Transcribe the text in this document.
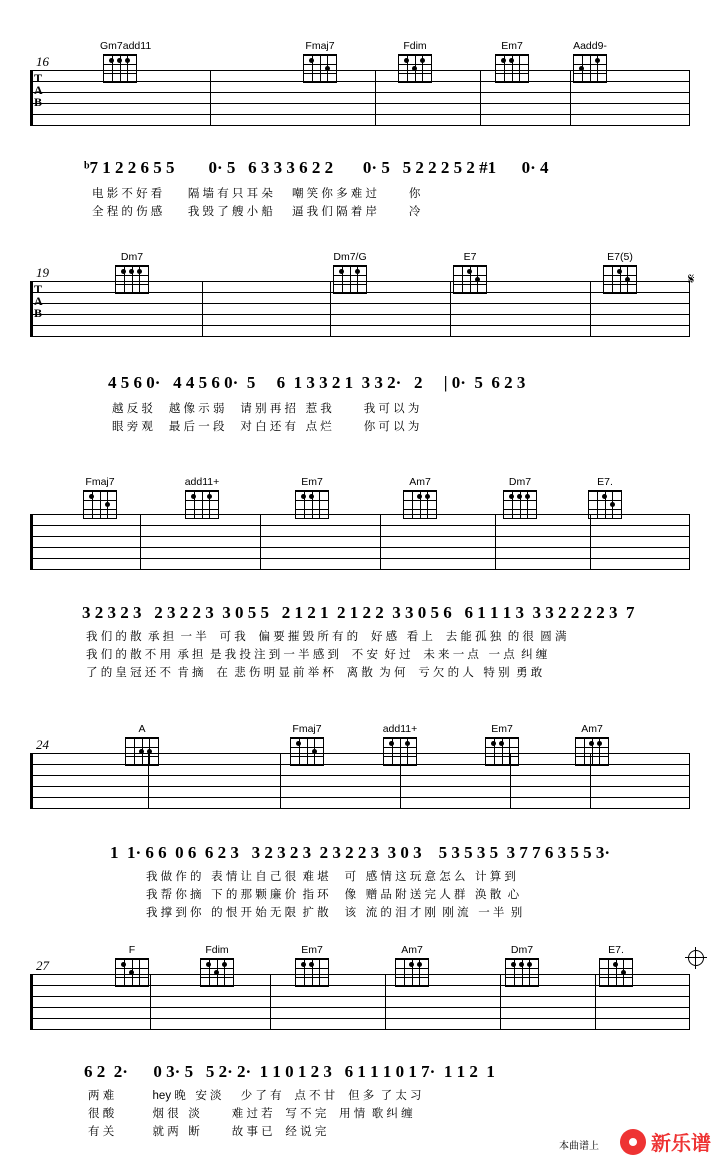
16
T
A
B
Gm7add11	Fmaj7	Fdim	Em7	Aadd9-
ᵇ7 1 2 2 6 5 5        0· 5   6 3 3 3 6 2 2       0· 5   5 2 2 2 5 2 #1      0· 4
电 影 不 好 看        隔 墙 有 只 耳 朵      嘲 笑 你 多 难 过          你
全 程 的 伤 感        我 毁 了 艘 小 船      逼 我 们 隔 着 岸          冷
19
T
A
B
Dm7	Dm7/G	E7	E7(5)
𝄋
4 5 6 0·   4 4 5 6 0·  5     6  1 3 3 2 1  3 3 2·   2     | 0·  5  6 2 3
越 反 驳     越 像 示 弱     请 别 再 招   惹 我          我 可 以 为
眼 旁 观     最 后 一 段     对 白 还 有   点 烂          你 可 以 为
Fmaj7	add11+	Em7	Am7	Dm7	E7.
3 2 3 2 3   2 3 2 2 3  3 0 5 5   2 1 2 1  2 1 2 2  3 3 0 5 6   6 1 1 1 3  3 3 2 2 2 2 3  7
我 们 的 散  承 担  一 半    可 我    偏 要 摧 毁 所 有 的    好 感   看 上    去 能 孤 独  的 很  圆 满
我 们 的 散 不 用  承 担  是 我 投 注 到 一 半 感 到    不 安  好 过    未 来 一 点   一 点  纠 缠
了 的 皇 冠 还 不  肯 摘    在  悲 伤 明 显 前 举 杯    离 散  为 何    亏 欠 的 人   特 别  勇 敢
24
A	Fmaj7	add11+	Em7	Am7
1  1· 6 6  0 6  6 2 3   3 2 3 2 3  2 3 2 2 3  3 0 3    5 3 5 3 5  3 7 7 6 3 5 5 3·
我 做 作 的   表 情 让 自 己 很  难 堪     可   感 情 这 玩 意 怎 么   计 算 到
我 帮 你 摘   下 的 那 颗 廉 价  指 环     像   赠 品 附 送 完 人 群   涣 散  心
我 撑 到 你   的 恨 开 始 无 限  扩 散     该   流 的 泪 才 刚  刚 流   一 半  别
27
F	Fdim	Em7	Am7	Dm7	E7.
6 2  2·      0 3· 5   5 2· 2·  1 1 0 1 2 3   6 1 1 1 0 1 7·  1 1 2  1
两 难            hey 晚   安 淡      少 了 有    点 不 甘    但 多  了 太 习
很 酸            烟 很   淡          难 过 若    写 不 完    用 情  歌 纠 缠
有 关            就 两   断          故 事 已    经 说 完
本曲谱上	新乐谱
